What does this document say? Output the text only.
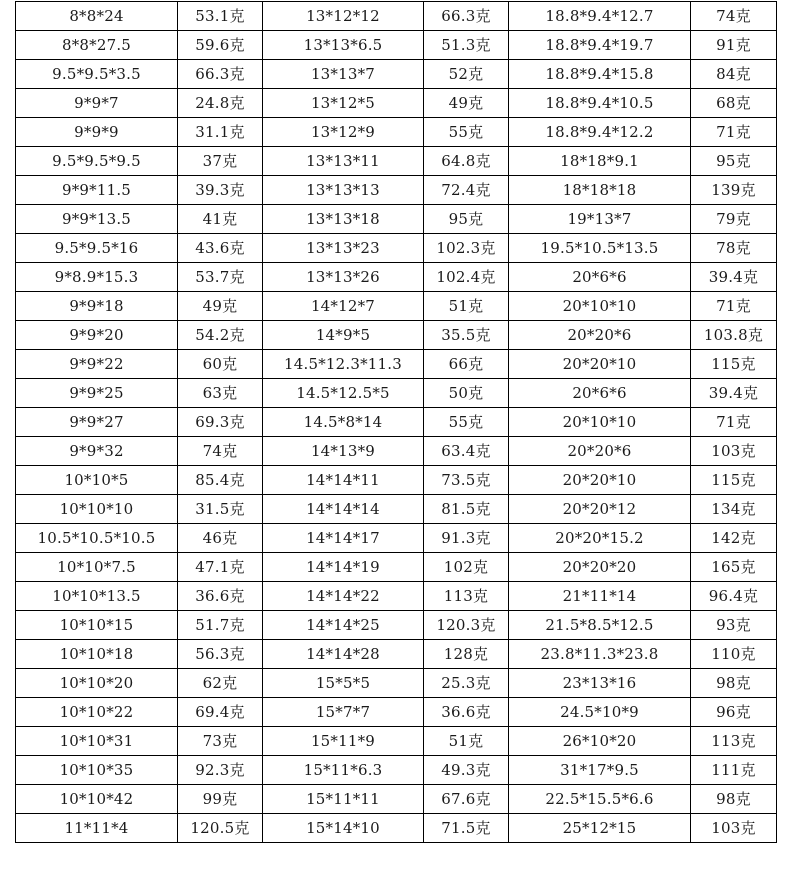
8*8*24	53.1克	13*12*12	66.3克	18.8*9.4*12.7	74克
8*8*27.5	59.6克	13*13*6.5	51.3克	18.8*9.4*19.7	91克
9.5*9.5*3.5	66.3克	13*13*7	52克	18.8*9.4*15.8	84克
9*9*7	24.8克	13*12*5	49克	18.8*9.4*10.5	68克
9*9*9	31.1克	13*12*9	55克	18.8*9.4*12.2	71克
9.5*9.5*9.5	37克	13*13*11	64.8克	18*18*9.1	95克
9*9*11.5	39.3克	13*13*13	72.4克	18*18*18	139克
9*9*13.5	41克	13*13*18	95克	19*13*7	79克
9.5*9.5*16	43.6克	13*13*23	102.3克	19.5*10.5*13.5	78克
9*8.9*15.3	53.7克	13*13*26	102.4克	20*6*6	39.4克
9*9*18	49克	14*12*7	51克	20*10*10	71克
9*9*20	54.2克	14*9*5	35.5克	20*20*6	103.8克
9*9*22	60克	14.5*12.3*11.3	66克	20*20*10	115克
9*9*25	63克	14.5*12.5*5	50克	20*6*6	39.4克
9*9*27	69.3克	14.5*8*14	55克	20*10*10	71克
9*9*32	74克	14*13*9	63.4克	20*20*6	103克
10*10*5	85.4克	14*14*11	73.5克	20*20*10	115克
10*10*10	31.5克	14*14*14	81.5克	20*20*12	134克
10.5*10.5*10.5	46克	14*14*17	91.3克	20*20*15.2	142克
10*10*7.5	47.1克	14*14*19	102克	20*20*20	165克
10*10*13.5	36.6克	14*14*22	113克	21*11*14	96.4克
10*10*15	51.7克	14*14*25	120.3克	21.5*8.5*12.5	93克
10*10*18	56.3克	14*14*28	128克	23.8*11.3*23.8	110克
10*10*20	62克	15*5*5	25.3克	23*13*16	98克
10*10*22	69.4克	15*7*7	36.6克	24.5*10*9	96克
10*10*31	73克	15*11*9	51克	26*10*20	113克
10*10*35	92.3克	15*11*6.3	49.3克	31*17*9.5	111克
10*10*42	99克	15*11*11	67.6克	22.5*15.5*6.6	98克
11*11*4	120.5克	15*14*10	71.5克	25*12*15	103克
